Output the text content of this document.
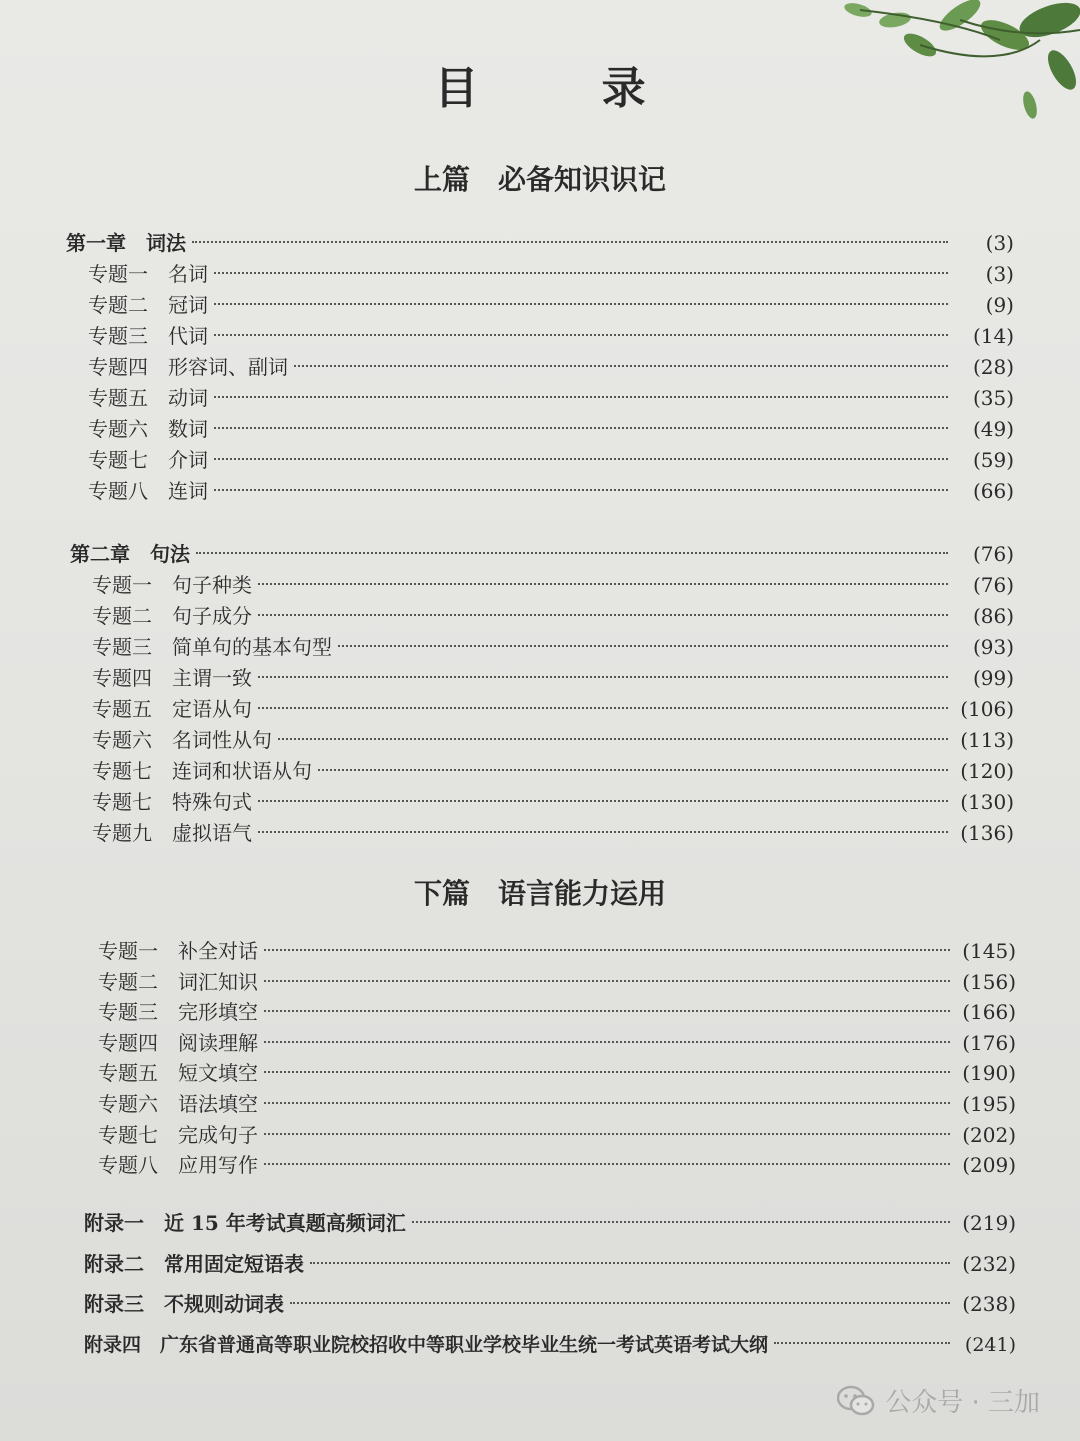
目 录
上篇　必备知识识记
第一章　词法	(3)
专题一　名词	(3)
专题二　冠词	(9)
专题三　代词	(14)
专题四　形容词、副词	(28)
专题五　动词	(35)
专题六　数词	(49)
专题七　介词	(59)
专题八　连词	(66)
第二章　句法	(76)
专题一　句子种类	(76)
专题二　句子成分	(86)
专题三　简单句的基本句型	(93)
专题四　主谓一致	(99)
专题五　定语从句	(106)
专题六　名词性从句	(113)
专题七　连词和状语从句	(120)
专题七　特殊句式	(130)
专题九　虚拟语气	(136)
下篇　语言能力运用
专题一　补全对话	(145)
专题二　词汇知识	(156)
专题三　完形填空	(166)
专题四　阅读理解	(176)
专题五　短文填空	(190)
专题六　语法填空	(195)
专题七　完成句子	(202)
专题八　应用写作	(209)
附录一　近 15 年考试真题高频词汇	(219)
附录二　常用固定短语表	(232)
附录三　不规则动词表	(238)
附录四　广东省普通高等职业院校招收中等职业学校毕业生统一考试英语考试大纲	(241)
公众号 · 三加
